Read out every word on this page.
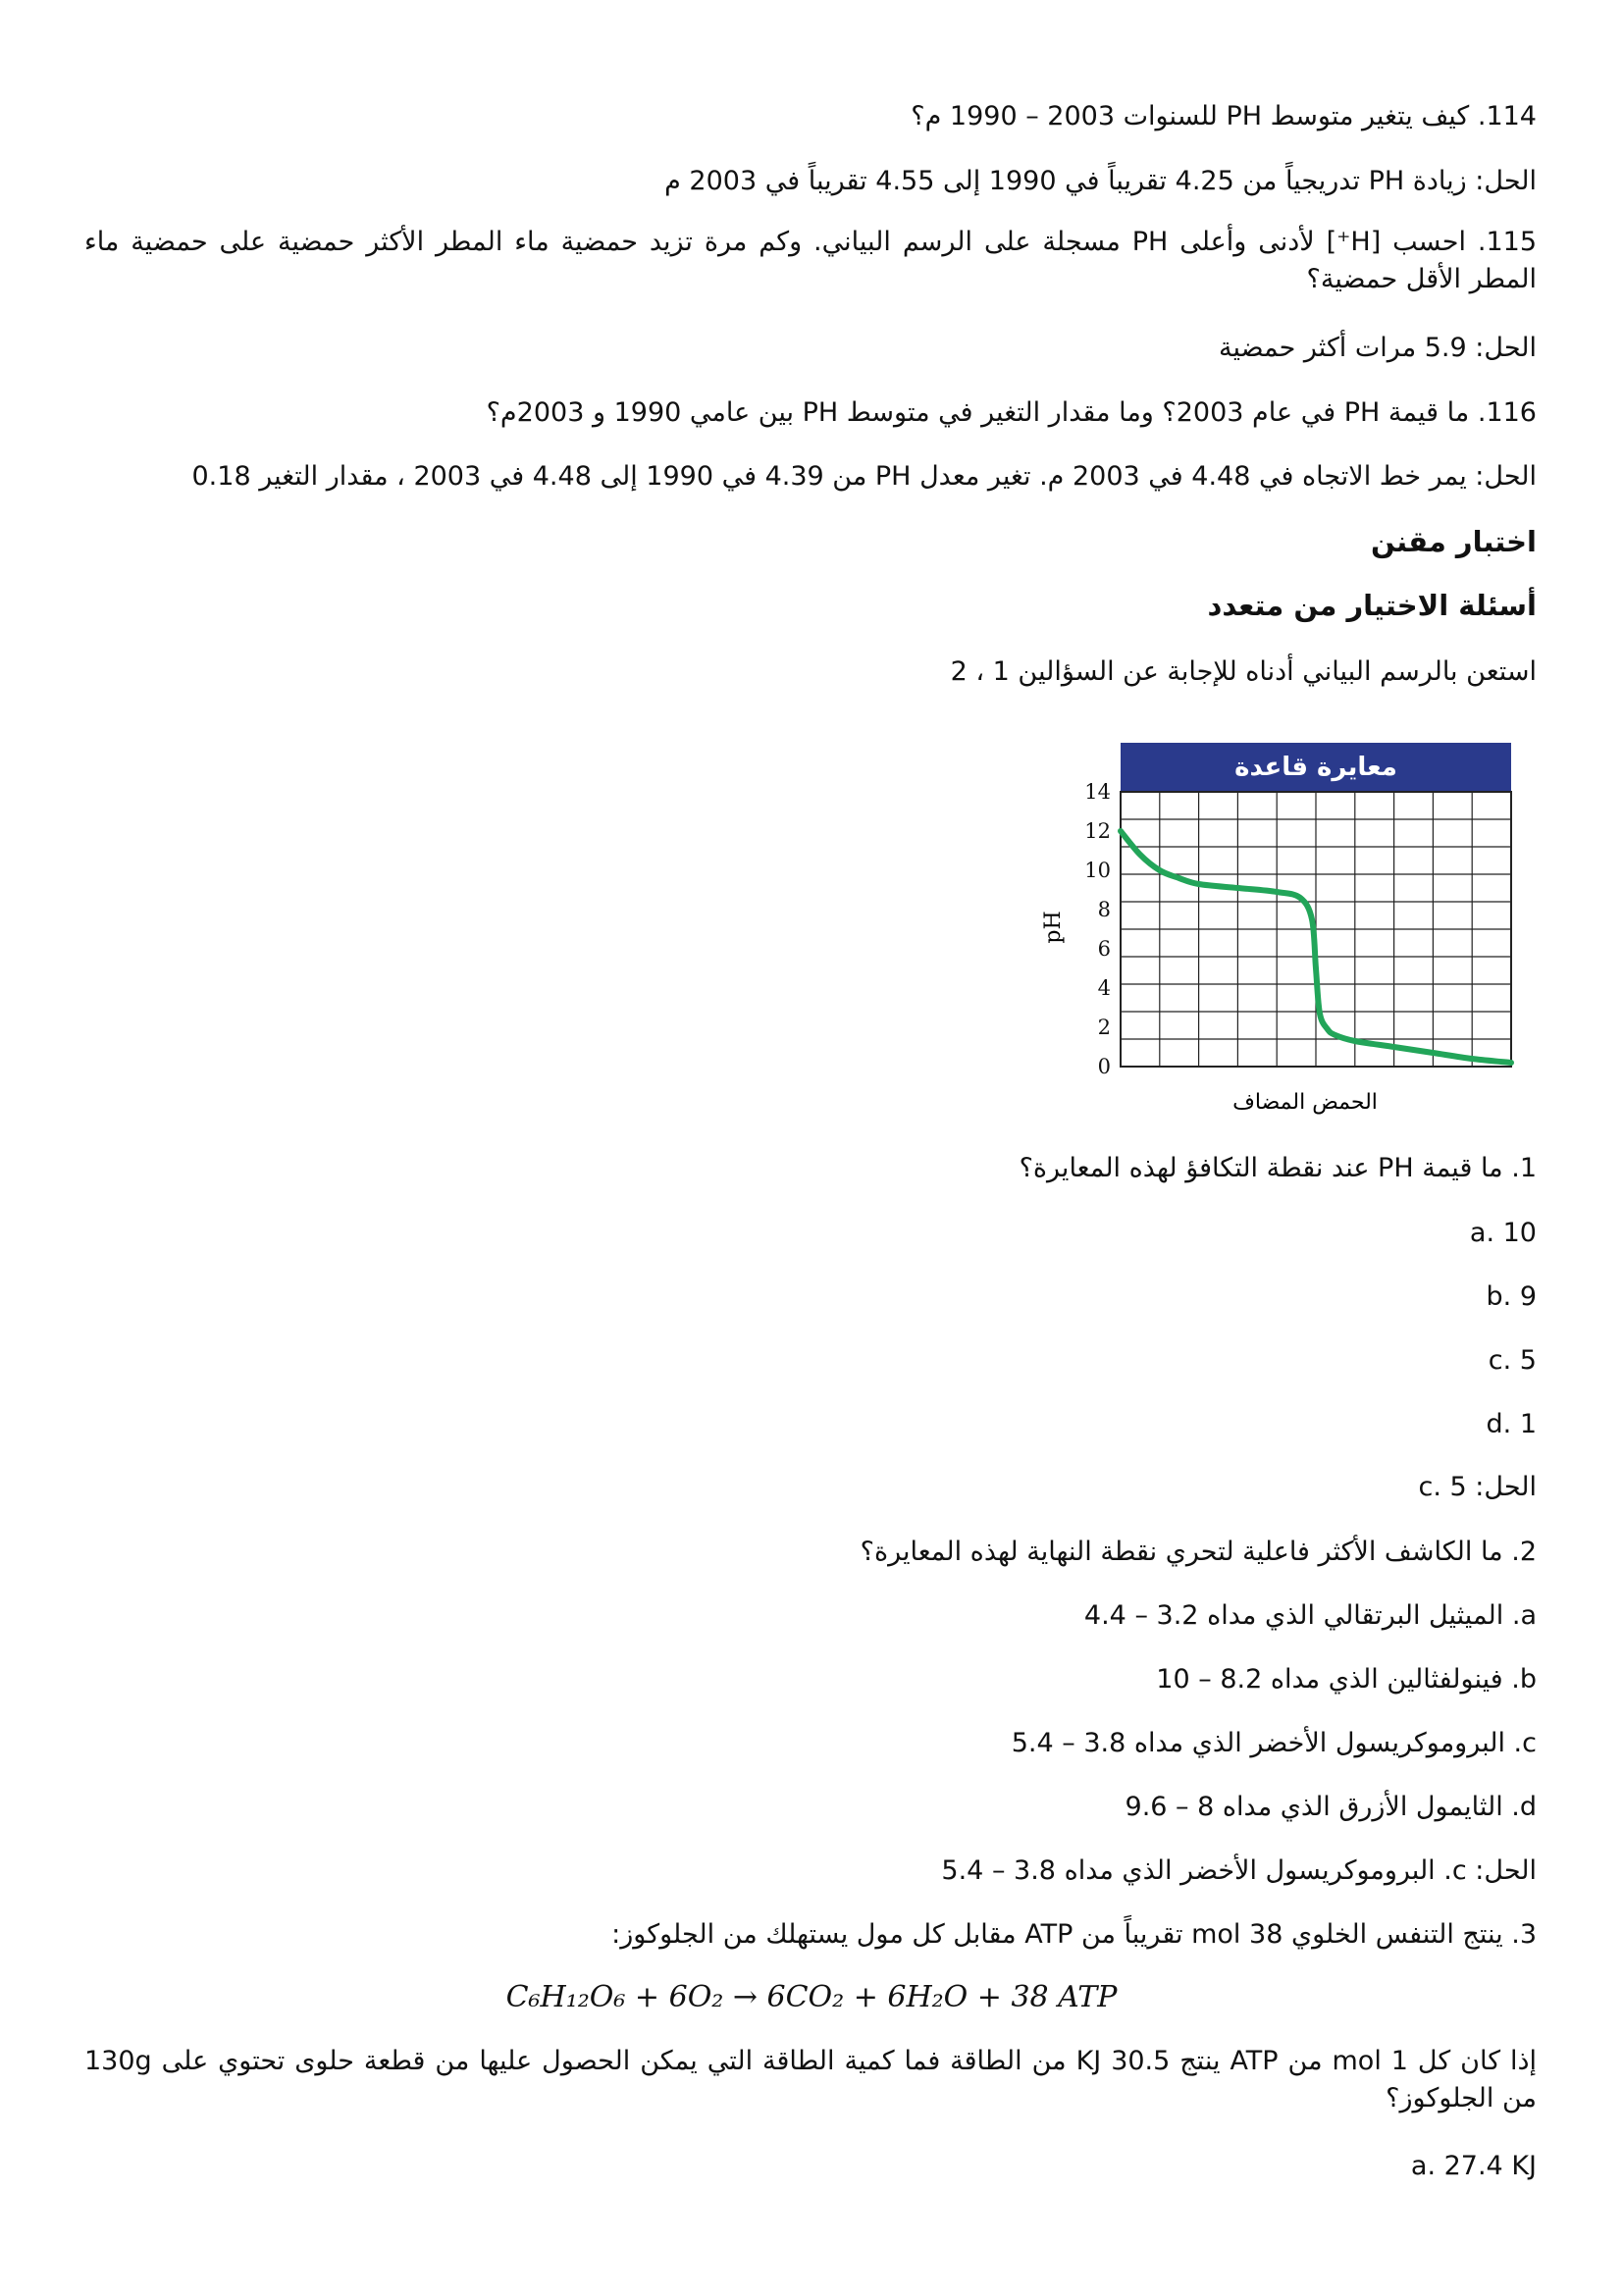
114. كيف يتغير متوسط PH للسنوات 2003 – 1990 م؟
الحل: زيادة PH تدريجياً من 4.25 تقريباً في 1990 إلى 4.55 تقريباً في 2003 م
115. احسب [H⁺] لأدنى وأعلى PH مسجلة على الرسم البياني. وكم مرة تزيد حمضية ماء المطر الأكثر حمضية على حمضية ماء المطر الأقل حمضية؟
الحل: 5.9 مرات أكثر حمضية
116. ما قيمة PH في عام 2003؟ وما مقدار التغير في متوسط PH بين عامي 1990 و 2003م؟
الحل: يمر خط الاتجاه في 4.48 في 2003 م. تغير معدل PH من 4.39 في 1990 إلى 4.48 في 2003 ، مقدار التغير 0.18
اختبار مقنن
أسئلة الاختيار من متعدد
استعن بالرسم البياني أدناه للإجابة عن السؤالين 1 ، 2
معايرة قاعدة
14
12
10
8
6
4
2
0
pH
الحمض المضاف
1. ما قيمة PH عند نقطة التكافؤ لهذه المعايرة؟
a. 10
b. 9
c. 5
d. 1
الحل: c. 5
2. ما الكاشف الأكثر فاعلية لتحري نقطة النهاية لهذه المعايرة؟
a. الميثيل البرتقالي الذي مداه 3.2 – 4.4
b. فينولفثالين الذي مداه 8.2 – 10
c. البروموكريسول الأخضر الذي مداه 3.8 – 5.4
d. الثايمول الأزرق الذي مداه 8 – 9.6
الحل: c. البروموكريسول الأخضر الذي مداه 3.8 – 5.4
3. ينتج التنفس الخلوي 38 mol تقريباً من ATP مقابل كل مول يستهلك من الجلوكوز:
C₆H₁₂O₆ + 6O₂ → 6CO₂ + 6H₂O + 38 ATP
إذا كان كل 1 mol من ATP ينتج 30.5 KJ من الطاقة فما كمية الطاقة التي يمكن الحصول عليها من قطعة حلوى تحتوي على 130g من الجلوكوز؟
a. 27.4 KJ
